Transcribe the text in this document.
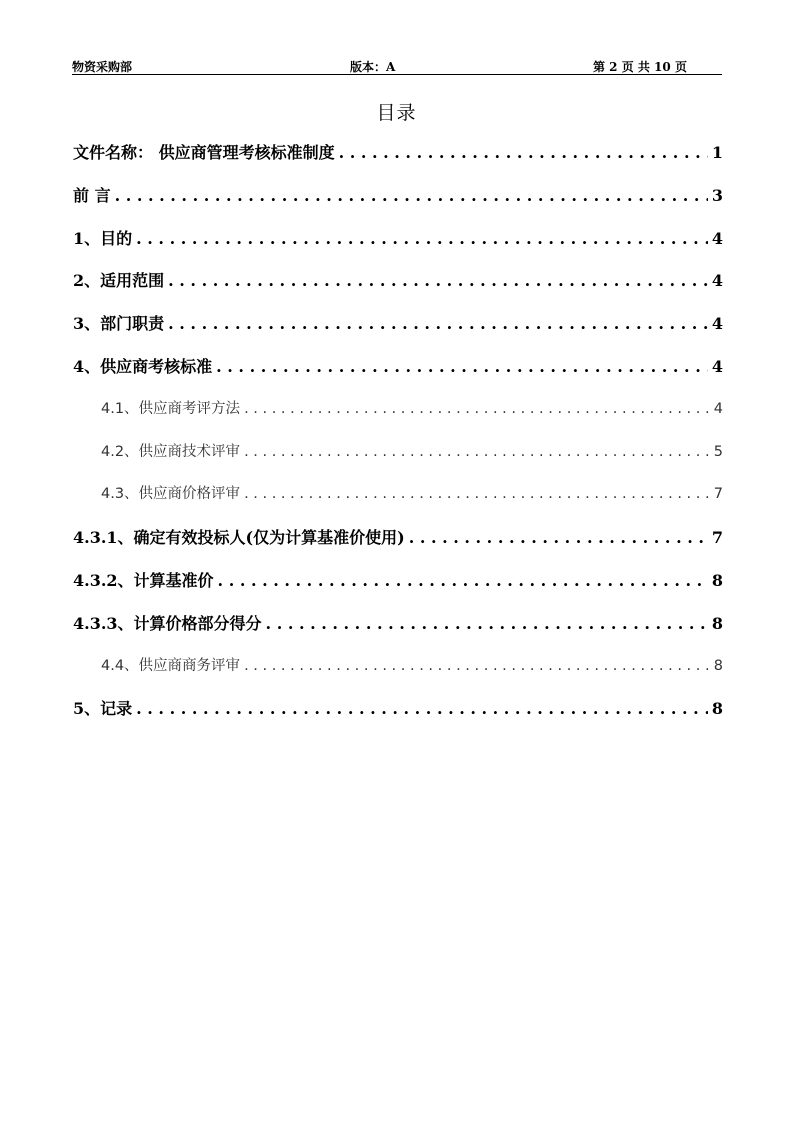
物资采购部	版本：A	第 2 页 共 10 页
目录
文件名称： 供应商管理考核标准制度 . . .	1
前 言 . . .	3
1、目的 . . .	4
2、适用范围 . . .	4
3、部门职责 . . .	4
4、供应商考核标准 . . .	4
4.1、供应商考评方法 . . .	4
4.2、供应商技术评审 . . .	5
4.3、供应商价格评审 . . .	7
4.3.1、确定有效投标人(仅为计算基准价使用) . . .	7
4.3.2、计算基准价 . . .	8
4.3.3、计算价格部分得分 . . .	8
4.4、供应商商务评审 . . .	8
5、记录 . . .	8
